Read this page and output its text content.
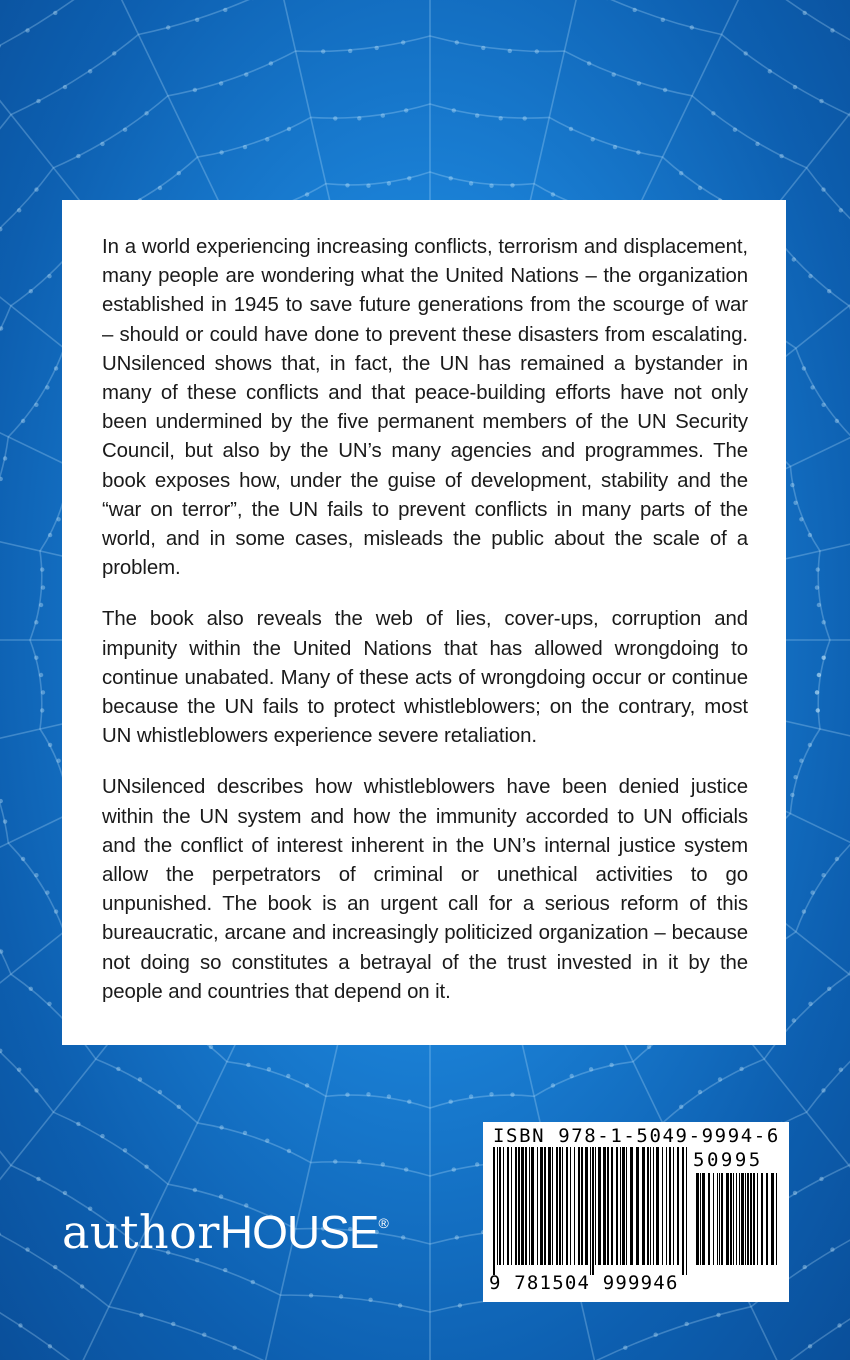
In a world experiencing increasing conflicts, terrorism and displacement, many people are wondering what the United Nations – the organization established in 1945 to save future generations from the scourge of war – should or could have done to prevent these disasters from escalating. UNsilenced shows that, in fact, the UN has remained a bystander in many of these conflicts and that peace-building efforts have not only been undermined by the five permanent members of the UN Security Council, but also by the UN’s many agencies and programmes. The book exposes how, under the guise of development, stability and the “war on terror”, the UN fails to prevent conflicts in many parts of the world, and in some cases, misleads the public about the scale of a problem.

The book also reveals the web of lies, cover-ups, corruption and impunity within the United Nations that has allowed wrongdoing to continue unabated. Many of these acts of wrongdoing occur or continue because the UN fails to protect whistleblowers; on the contrary, most UN whistleblowers experience severe retaliation.

UNsilenced describes how whistleblowers have been denied justice within the UN system and how the immunity accorded to UN officials and the conflict of interest inherent in the UN’s internal justice system allow the perpetrators of criminal or unethical activities to go unpunished. The book is an urgent call for a serious reform of this bureaucratic, arcane and increasingly politicized organization – because not doing so constitutes a betrayal of the trust invested in it by the people and countries that depend on it.

authorHOUSE®
ISBN 978-1-5049-9994-6
50995
9 781504 999946
